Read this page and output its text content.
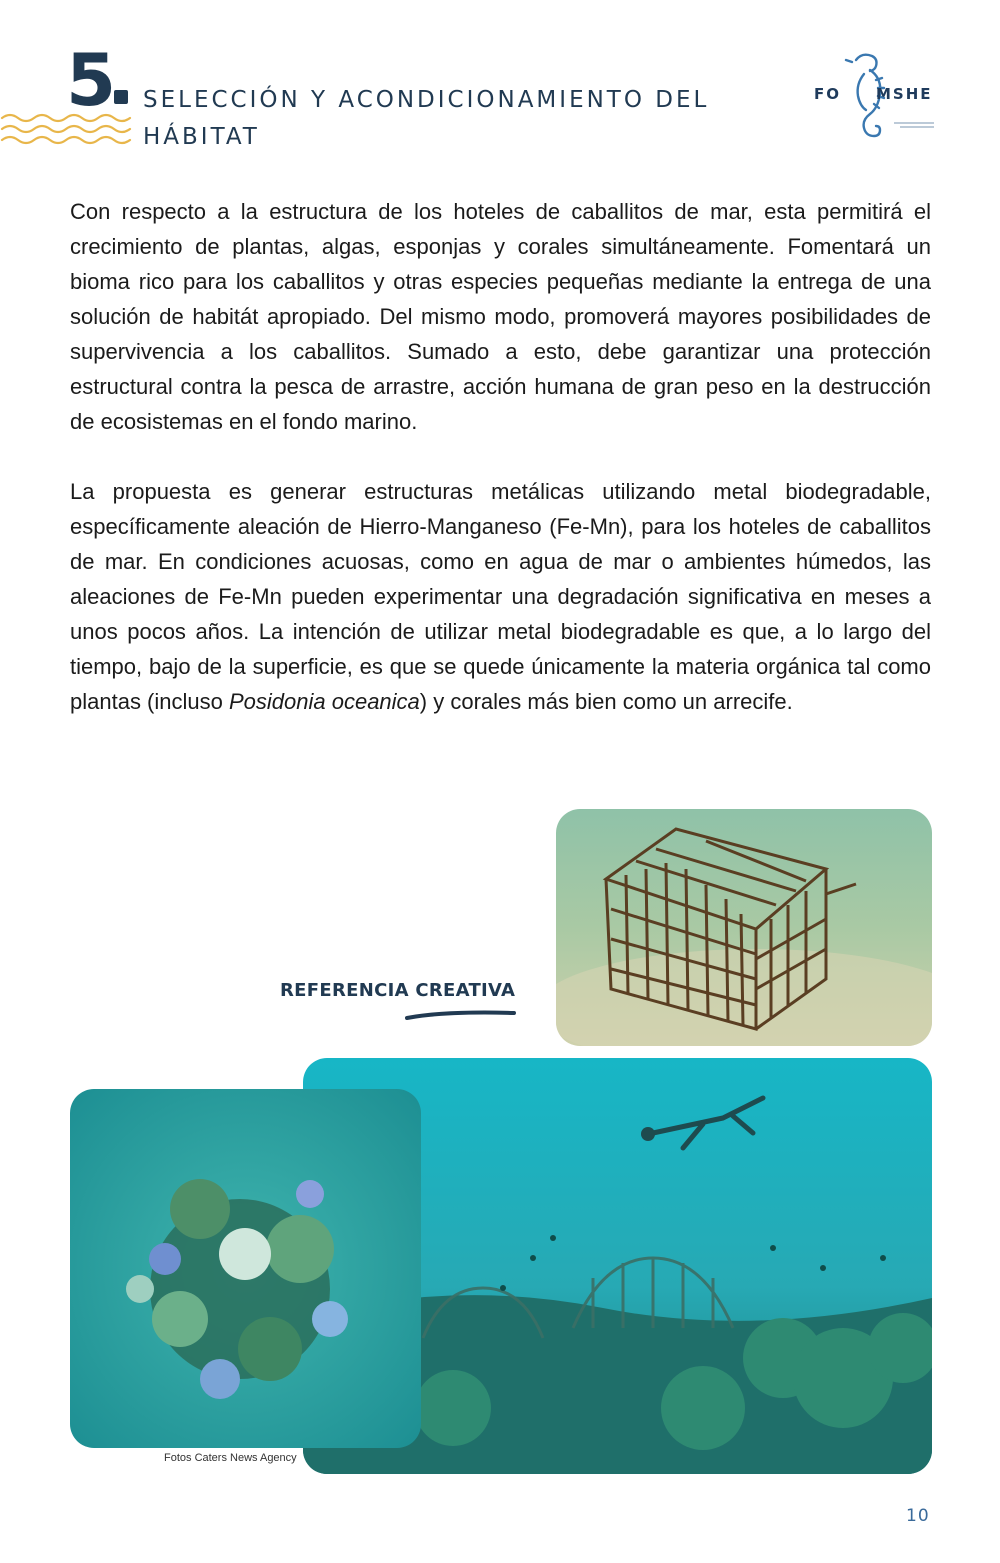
5 SELECCIÓN Y ACONDICIONAMIENTO DEL
HÁBITAT
FO MSHE

Con respecto a la estructura de los hoteles de caballitos de mar, esta permitirá el crecimiento de plantas, algas, esponjas y corales simultáneamente. Fomentará un bioma rico para los caballitos y otras especies pequeñas mediante la entrega de una solución de habitát apropiado. Del mismo modo, promoverá mayores posibilidades de supervivencia a los caballitos. Sumado a esto, debe garantizar una protección estructural contra la pesca de arrastre, acción humana de gran peso en la destrucción de ecosistemas en el fondo marino.

La propuesta es generar estructuras metálicas utilizando metal biodegradable, específicamente aleación de Hierro-Manganeso (Fe-Mn), para los hoteles de caballitos de mar. En condiciones acuosas, como en agua de mar o ambientes húmedos, las aleaciones de Fe-Mn pueden experimentar una degradación significativa en meses a unos pocos años. La intención de utilizar metal biodegradable es que, a lo largo del tiempo, bajo de la superficie, es que se quede únicamente la materia orgánica tal como plantas (incluso Posidonia oceanica) y corales más bien como un arrecife.

REFERENCIA CREATIVA
Fotos Caters News Agency
10
